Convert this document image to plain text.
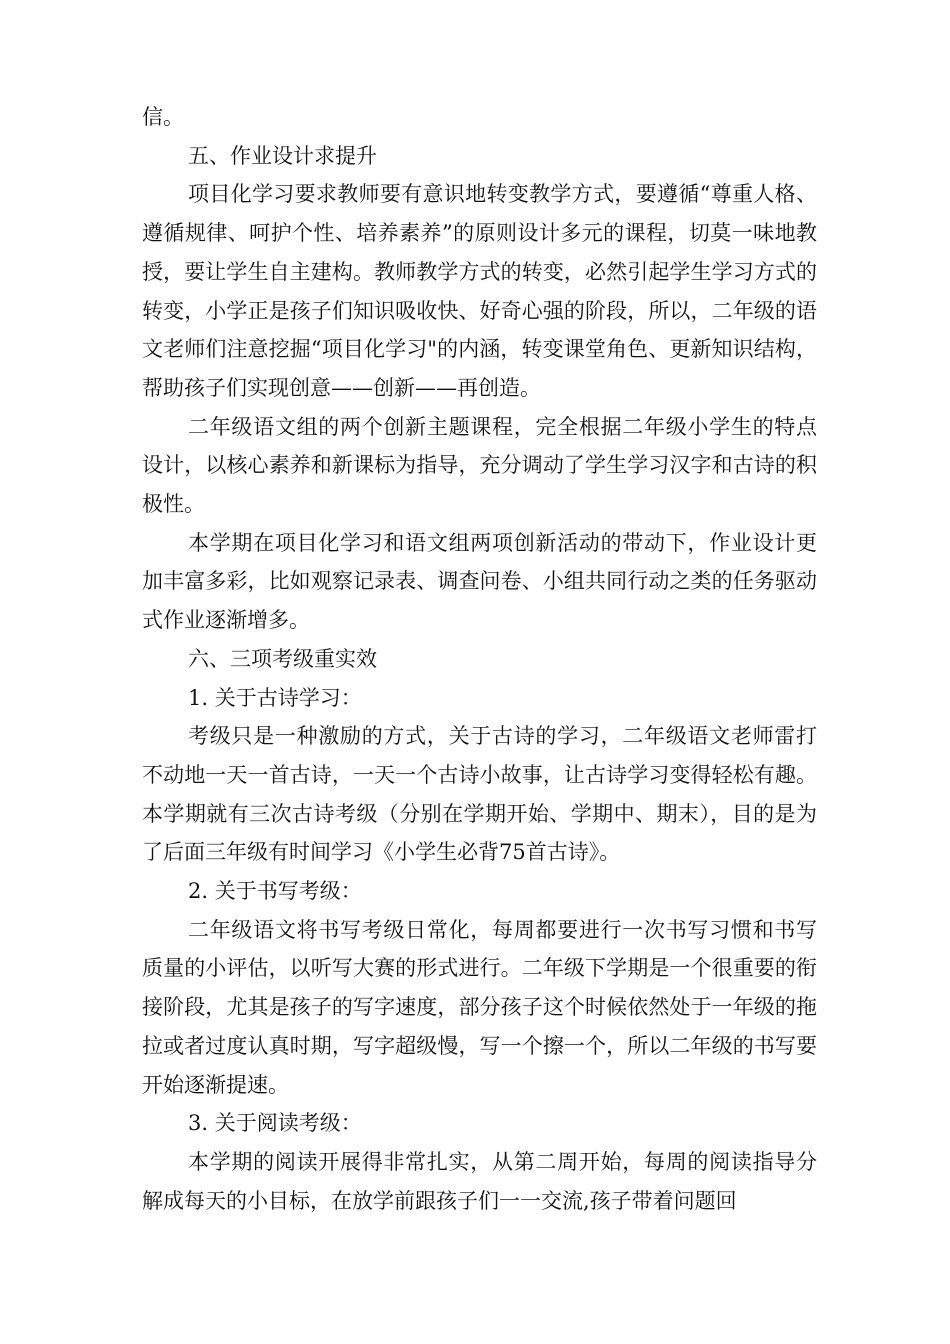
信。

五、作业设计求提升

项目化学习要求教师要有意识地转变教学方式，要遵循“尊重人格、遵循规律、呵护个性、培养素养”的原则设计多元的课程，切莫一味地教授，要让学生自主建构。教师教学方式的转变，必然引起学生学习方式的转变，小学正是孩子们知识吸收快、好奇心强的阶段，所以，二年级的语文老师们注意挖掘“项目化学习"的内涵，转变课堂角色、更新知识结构，帮助孩子们实现创意——创新——再创造。

二年级语文组的两个创新主题课程，完全根据二年级小学生的特点设计，以核心素养和新课标为指导，充分调动了学生学习汉字和古诗的积极性。

本学期在项目化学习和语文组两项创新活动的带动下，作业设计更加丰富多彩，比如观察记录表、调查问卷、小组共同行动之类的任务驱动式作业逐渐增多。

六、三项考级重实效

1. 关于古诗学习：

考级只是一种激励的方式，关于古诗的学习，二年级语文老师雷打不动地一天一首古诗，一天一个古诗小故事，让古诗学习变得轻松有趣。本学期就有三次古诗考级（分别在学期开始、学期中、期末），目的是为了后面三年级有时间学习《小学生必背75首古诗》。

2. 关于书写考级：

二年级语文将书写考级日常化，每周都要进行一次书写习惯和书写质量的小评估，以听写大赛的形式进行。二年级下学期是一个很重要的衔接阶段，尤其是孩子的写字速度，部分孩子这个时候依然处于一年级的拖拉或者过度认真时期，写字超级慢，写一个擦一个，所以二年级的书写要开始逐渐提速。

3. 关于阅读考级：

本学期的阅读开展得非常扎实，从第二周开始，每周的阅读指导分解成每天的小目标，在放学前跟孩子们一一交流,孩子带着问题回
